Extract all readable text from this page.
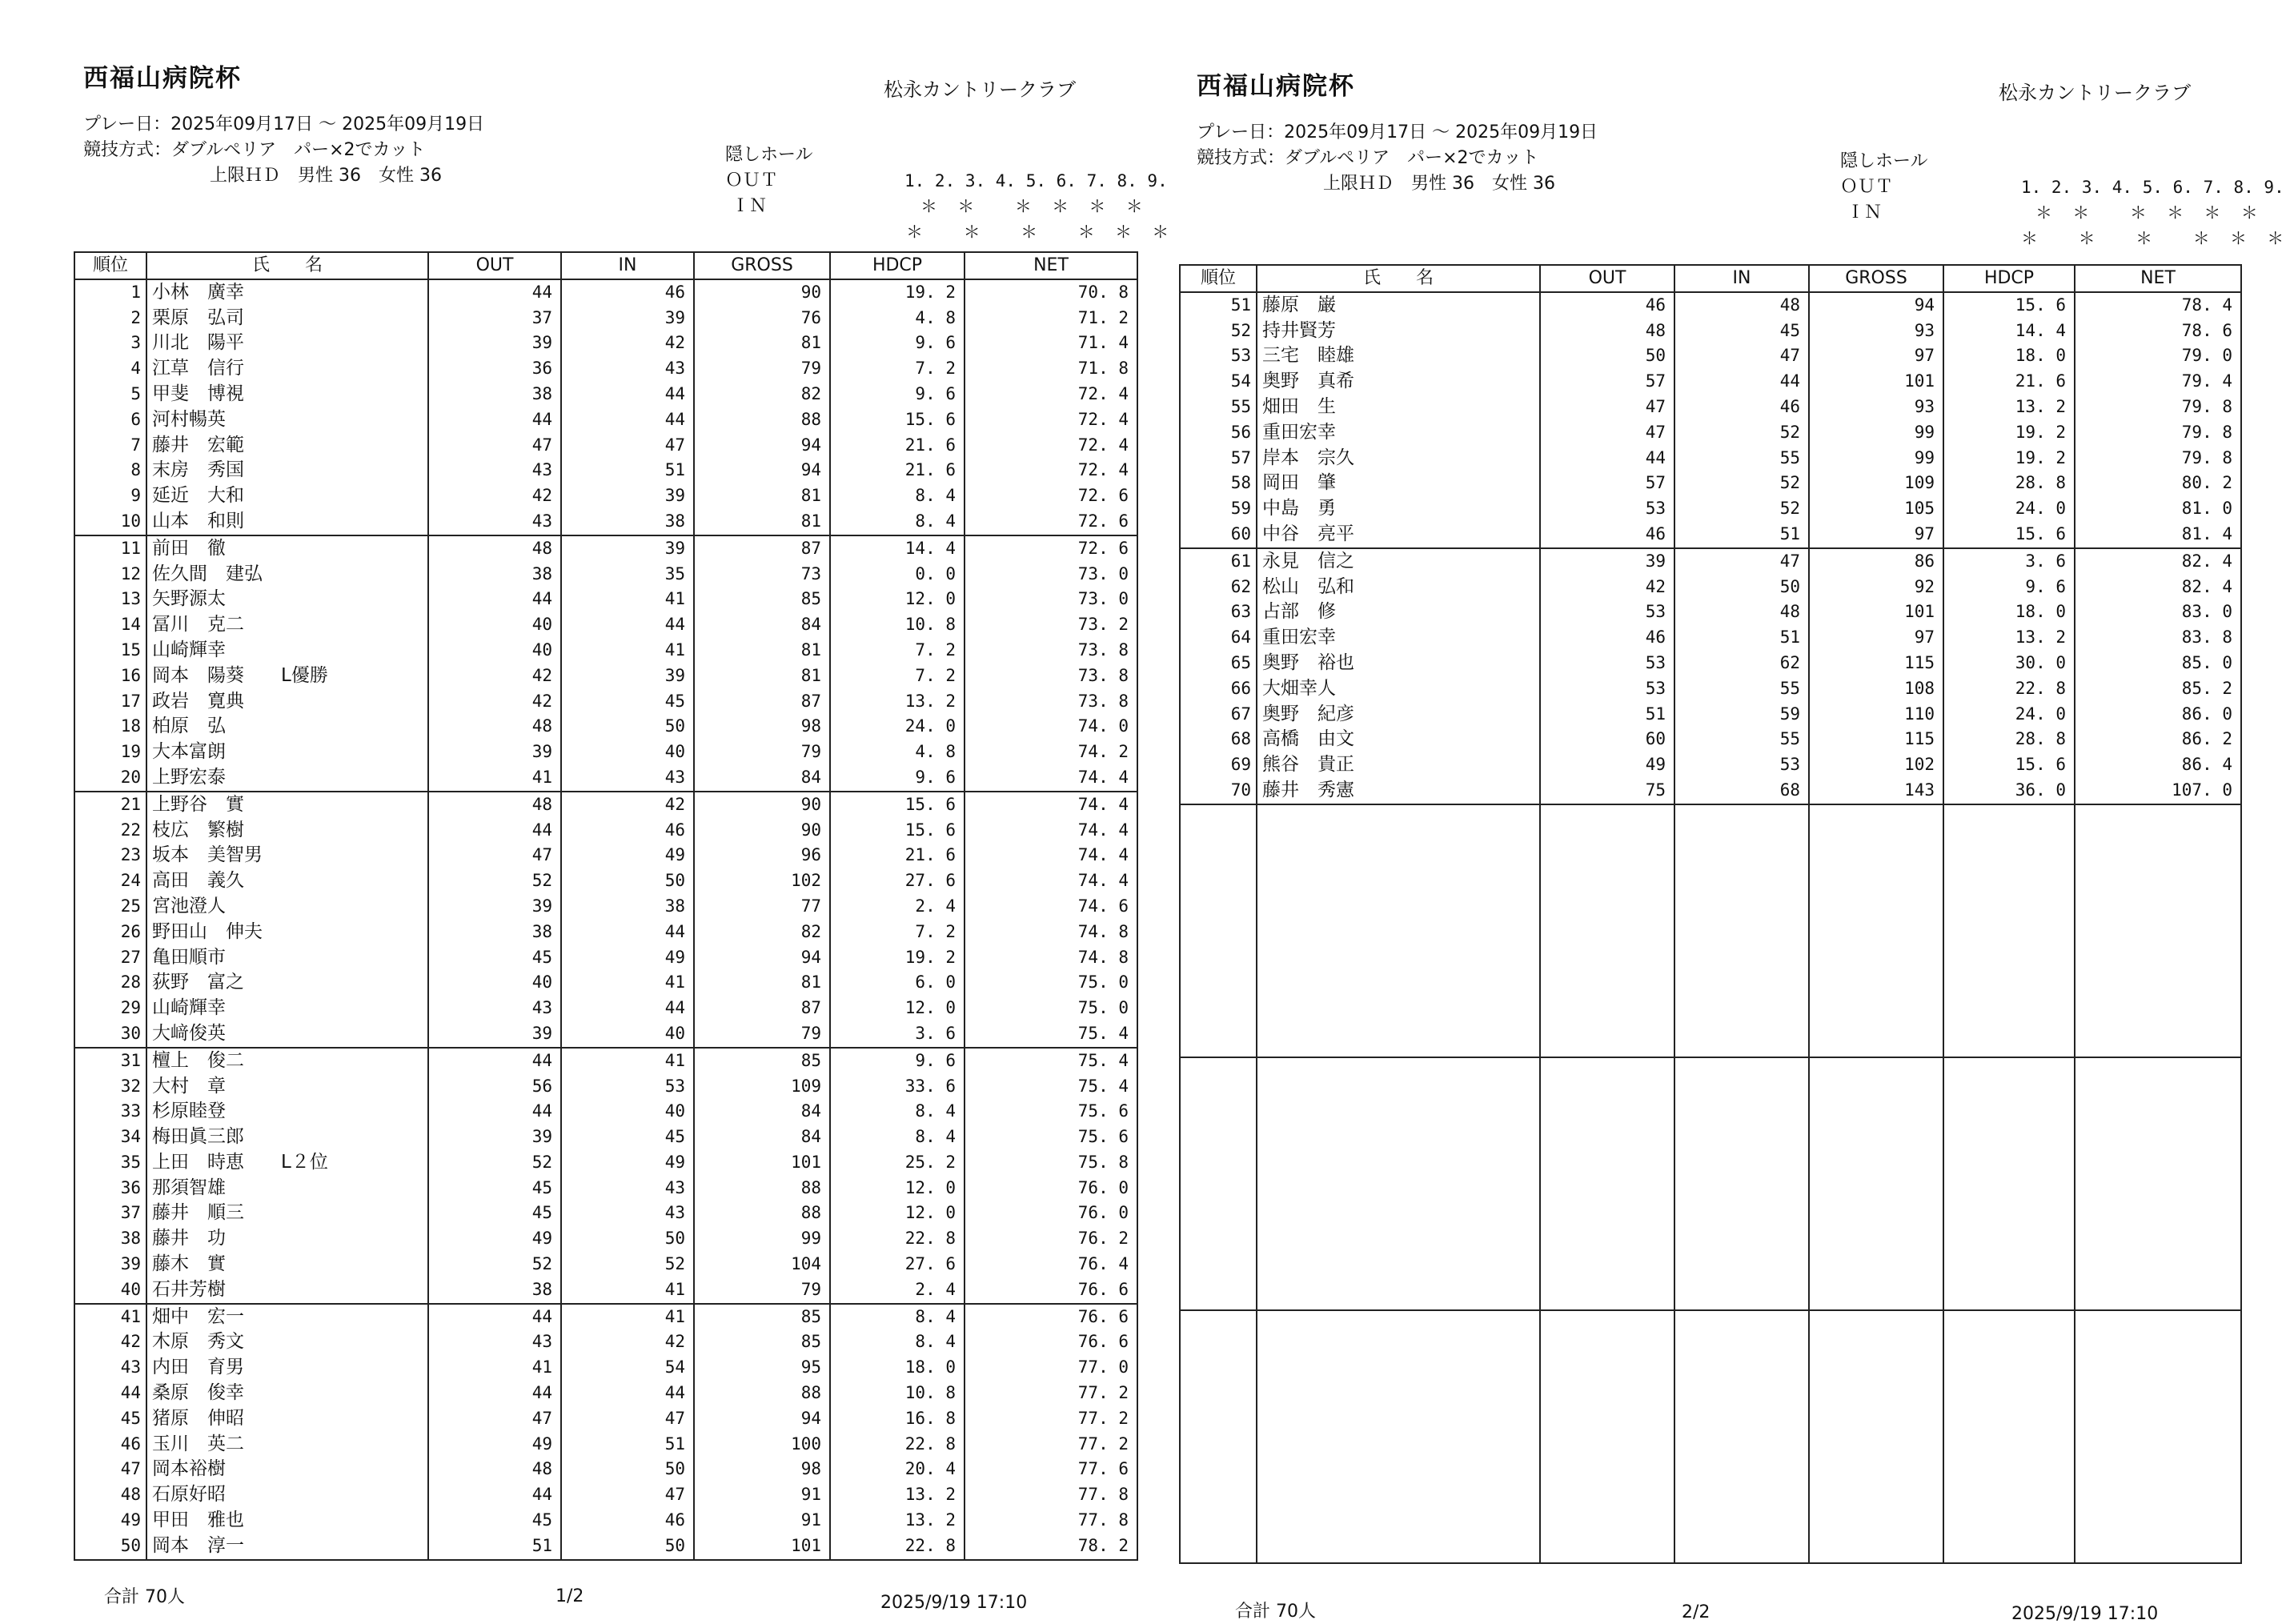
西福山病院杯	松永カントリークラブ
プレー日：2025年09月17日 ～ 2025年09月19日
競技方式：ダブルペリア　パー×2でカット
上限ＨＤ　男性 36　女性 36

隠しホール

1. 2. 3. 4. 5. 6. 7. 8. 9.

ＯＵＴ

＊  ＊    ＊  ＊  ＊  ＊

ＩＮ

＊    ＊    ＊    ＊  ＊  ＊

順位	氏　　名	OUT	IN	GROSS	HDCP	NET
1	小林　廣幸	44	46	90	19. 2	70. 8
2	栗原　弘司	37	39	76	4. 8	71. 2
3	川北　陽平	39	42	81	9. 6	71. 4
4	江草　信行	36	43	79	7. 2	71. 8
5	甲斐　博視	38	44	82	9. 6	72. 4
6	河村暢英	44	44	88	15. 6	72. 4
7	藤井　宏範	47	47	94	21. 6	72. 4
8	末房　秀国	43	51	94	21. 6	72. 4
9	延近　大和	42	39	81	8. 4	72. 6
10	山本　和則	43	38	81	8. 4	72. 6
11	前田　徹	48	39	87	14. 4	72. 6
12	佐久間　建弘	38	35	73	0. 0	73. 0
13	矢野源太	44	41	85	12. 0	73. 0
14	冨川　克二	40	44	84	10. 8	73. 2
15	山崎輝幸	40	41	81	7. 2	73. 8
16	岡本　陽葵　　L優勝	42	39	81	7. 2	73. 8
17	政岩　寛典	42	45	87	13. 2	73. 8
18	柏原　弘	48	50	98	24. 0	74. 0
19	大本富朗	39	40	79	4. 8	74. 2
20	上野宏泰	41	43	84	9. 6	74. 4
21	上野谷　實	48	42	90	15. 6	74. 4
22	枝広　繁樹	44	46	90	15. 6	74. 4
23	坂本　美智男	47	49	96	21. 6	74. 4
24	高田　義久	52	50	102	27. 6	74. 4
25	宮池澄人	39	38	77	2. 4	74. 6
26	野田山　伸夫	38	44	82	7. 2	74. 8
27	亀田順市	45	49	94	19. 2	74. 8
28	荻野　富之	40	41	81	6. 0	75. 0
29	山崎輝幸	43	44	87	12. 0	75. 0
30	大﨑俊英	39	40	79	3. 6	75. 4
31	檀上　俊二	44	41	85	9. 6	75. 4
32	大村　章	56	53	109	33. 6	75. 4
33	杉原睦登	44	40	84	8. 4	75. 6
34	梅田眞三郎	39	45	84	8. 4	75. 6
35	上田　時恵　　L２位	52	49	101	25. 2	75. 8
36	那須智雄	45	43	88	12. 0	76. 0
37	藤井　順三	45	43	88	12. 0	76. 0
38	藤井　功	49	50	99	22. 8	76. 2
39	藤木　實	52	52	104	27. 6	76. 4
40	石井芳樹	38	41	79	2. 4	76. 6
41	畑中　宏一	44	41	85	8. 4	76. 6
42	木原　秀文	43	42	85	8. 4	76. 6
43	内田　育男	41	54	95	18. 0	77. 0
44	桑原　俊幸	44	44	88	10. 8	77. 2
45	猪原　伸昭	47	47	94	16. 8	77. 2
46	玉川　英二	49	51	100	22. 8	77. 2
47	岡本裕樹	48	50	98	20. 4	77. 6
48	石原好昭	44	47	91	13. 2	77. 8
49	甲田　雅也	45	46	91	13. 2	77. 8
50	岡本　淳一	51	50	101	22. 8	78. 2
合計 70人	1/2	2025/9/19 17:10
西福山病院杯	松永カントリークラブ
プレー日：2025年09月17日 ～ 2025年09月19日
競技方式：ダブルペリア　パー×2でカット
上限ＨＤ　男性 36　女性 36

隠しホール

1. 2. 3. 4. 5. 6. 7. 8. 9.

ＯＵＴ

＊  ＊    ＊  ＊  ＊  ＊

ＩＮ

＊    ＊    ＊    ＊  ＊  ＊

順位	氏　　名	OUT	IN	GROSS	HDCP	NET
51	藤原　巌	46	48	94	15. 6	78. 4
52	持井賢芳	48	45	93	14. 4	78. 6
53	三宅　睦雄	50	47	97	18. 0	79. 0
54	奥野　真希	57	44	101	21. 6	79. 4
55	畑田　生	47	46	93	13. 2	79. 8
56	重田宏幸	47	52	99	19. 2	79. 8
57	岸本　宗久	44	55	99	19. 2	79. 8
58	岡田　肇	57	52	109	28. 8	80. 2
59	中島　勇	53	52	105	24. 0	81. 0
60	中谷　亮平	46	51	97	15. 6	81. 4
61	永見　信之	39	47	86	3. 6	82. 4
62	松山　弘和	42	50	92	9. 6	82. 4
63	占部　修	53	48	101	18. 0	83. 0
64	重田宏幸	46	51	97	13. 2	83. 8
65	奥野　裕也	53	62	115	30. 0	85. 0
66	大畑幸人	53	55	108	22. 8	85. 2
67	奥野　紀彦	51	59	110	24. 0	86. 0
68	高橋　由文	60	55	115	28. 8	86. 2
69	熊谷　貴正	49	53	102	15. 6	86. 4
70	藤井　秀憲	75	68	143	36. 0	107. 0

合計 70人	2/2	2025/9/19 17:10
